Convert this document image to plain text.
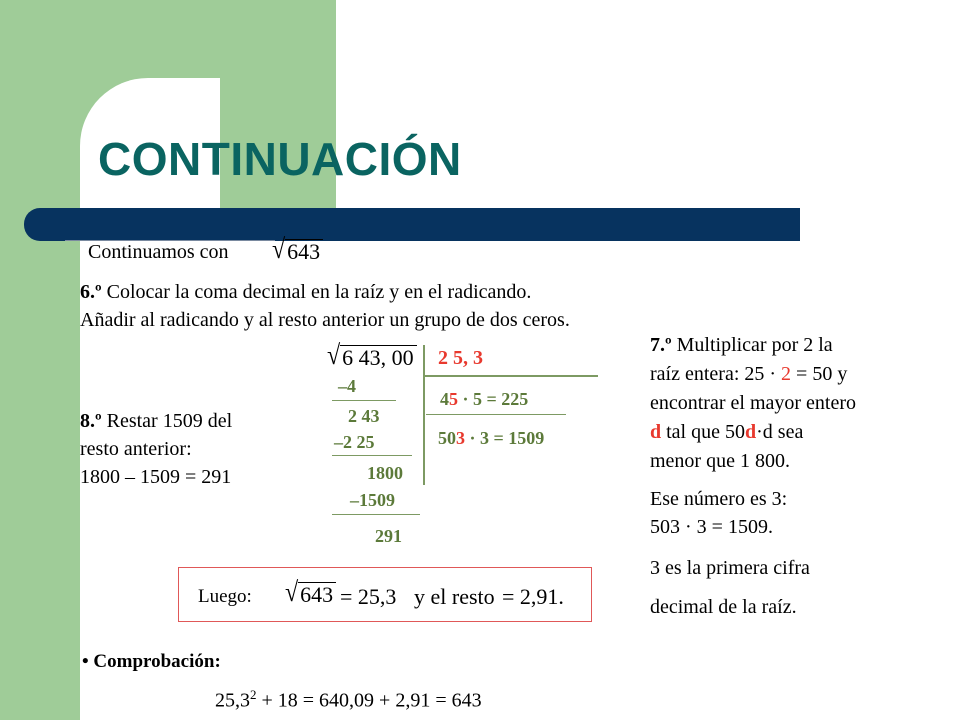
CONTINUACIÓN
Continuamos con √ 643
6.º Colocar la coma decimal en la raíz y en el radicando.
Añadir al radicando y al resto anterior un grupo de dos ceros.
7.º Multiplicar por 2 la
raíz entera: 25 · 2 = 50 y
encontrar el mayor entero
d tal que 50d·d sea
menor que 1 800.
Ese número es 3:
503 · 3 = 1509.
3 es la primera cifra
decimal de la raíz.
8.º Restar 1509 del
resto anterior:
1800 – 1509 = 291
√ 6 43, 00 2 5, 3
–4
2 43
–2 25
1800
–1509
291
45 · 5 = 225
503 · 3 = 1509
Luego: √ 643 = 25,3 y el resto = 2,91.
• Comprobación:
$25,3^2 + 18 = 640,09 + 2,91 = 643$
